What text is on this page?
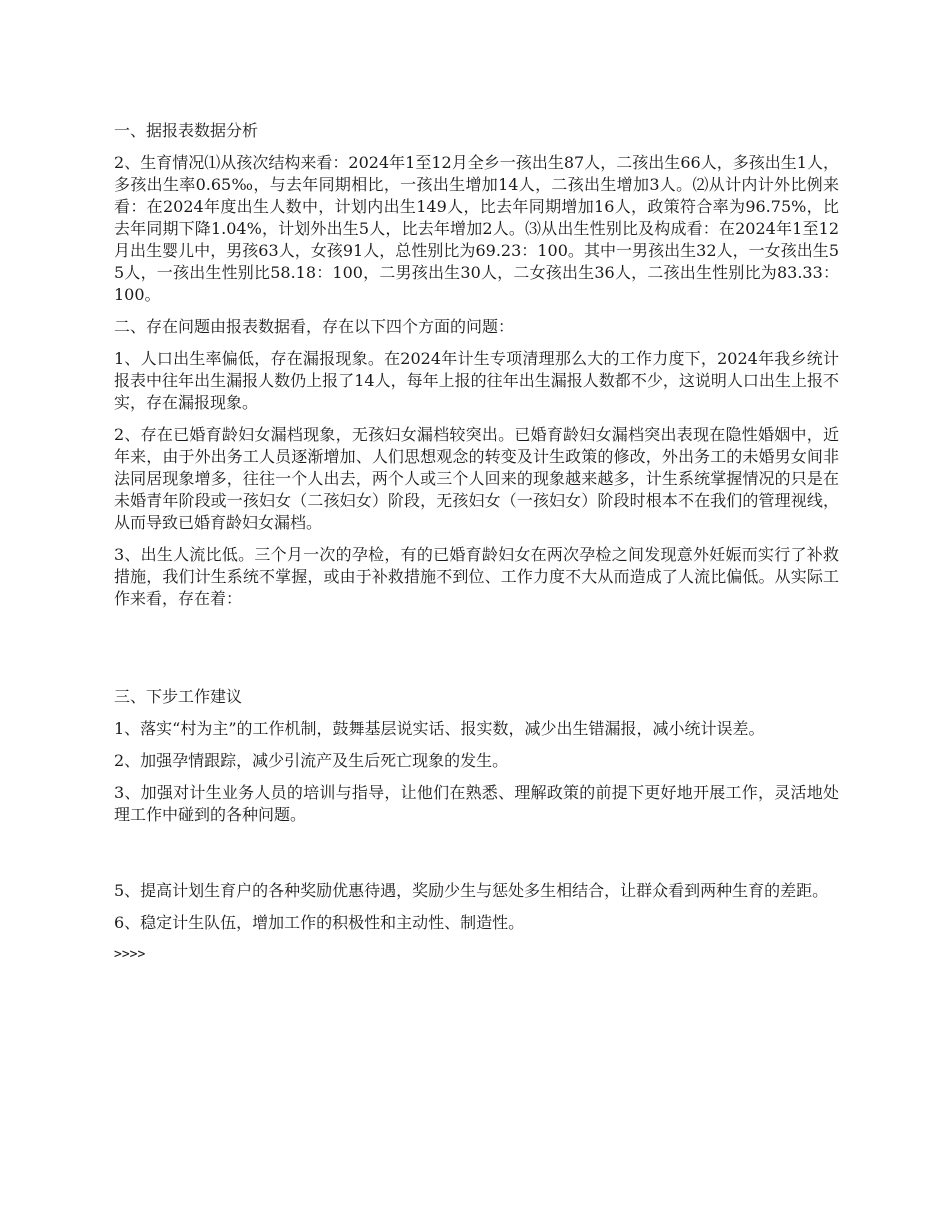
一、据报表数据分析

2、生育情况⑴从孩次结构来看：2024年1至12月全乡一孩出生87人，二孩出生66人，多孩出生1人，多孩出生率0.65‰，与去年同期相比，一孩出生增加14人，二孩出生增加3人。⑵从计内计外比例来看：在2024年度出生人数中，计划内出生149人，比去年同期增加16人，政策符合率为96.75%，比去年同期下降1.04%，计划外出生5人，比去年增加2人。⑶从出生性别比及构成看：在2024年1至12月出生婴儿中，男孩63人，女孩91人，总性别比为69.23：100。其中一男孩出生32人，一女孩出生55人，一孩出生性别比58.18：100，二男孩出生30人，二女孩出生36人，二孩出生性别比为83.33：100。

二、存在问题由报表数据看，存在以下四个方面的问题：

1、人口出生率偏低，存在漏报现象。在2024年计生专项清理那么大的工作力度下，2024年我乡统计报表中往年出生漏报人数仍上报了14人，每年上报的往年出生漏报人数都不少，这说明人口出生上报不实，存在漏报现象。

2、存在已婚育龄妇女漏档现象，无孩妇女漏档较突出。已婚育龄妇女漏档突出表现在隐性婚姻中，近年来，由于外出务工人员逐渐增加、人们思想观念的转变及计生政策的修改，外出务工的未婚男女间非法同居现象增多，往往一个人出去，两个人或三个人回来的现象越来越多，计生系统掌握情况的只是在未婚青年阶段或一孩妇女（二孩妇女）阶段，无孩妇女（一孩妇女）阶段时根本不在我们的管理视线，从而导致已婚育龄妇女漏档。

3、出生人流比低。三个月一次的孕检，有的已婚育龄妇女在两次孕检之间发现意外妊娠而实行了补救措施，我们计生系统不掌握，或由于补救措施不到位、工作力度不大从而造成了人流比偏低。从实际工作来看，存在着：

三、下步工作建议

1、落实“村为主”的工作机制，鼓舞基层说实话、报实数，减少出生错漏报，减小统计误差。

2、加强孕情跟踪，减少引流产及生后死亡现象的发生。

3、加强对计生业务人员的培训与指导，让他们在熟悉、理解政策的前提下更好地开展工作，灵活地处理工作中碰到的各种问题。

5、提高计划生育户的各种奖励优惠待遇，奖励少生与惩处多生相结合，让群众看到两种生育的差距。

6、稳定计生队伍，增加工作的积极性和主动性、制造性。

>>>>
